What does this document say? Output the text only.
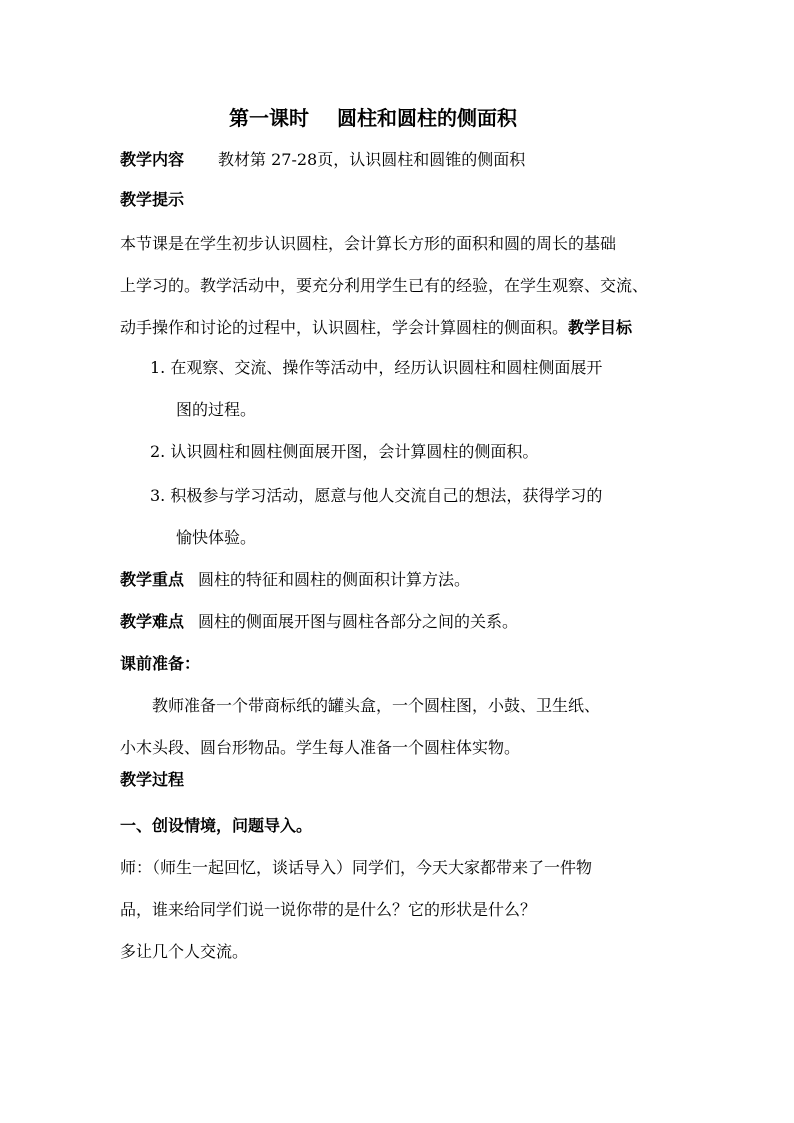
第一课时 圆柱和圆柱的侧面积
教学内容 教材第 27-28页，认识圆柱和圆锥的侧面积
教学提示
本节课是在学生初步认识圆柱，会计算长方形的面积和圆的周长的基础
上学习的。教学活动中，要充分利用学生已有的经验，在学生观察、交流、
动手操作和讨论的过程中，认识圆柱，学会计算圆柱的侧面积。教学目标
1. 在观察、交流、操作等活动中，经历认识圆柱和圆柱侧面展开
图的过程。
2. 认识圆柱和圆柱侧面展开图，会计算圆柱的侧面积。
3. 积极参与学习活动，愿意与他人交流自己的想法，获得学习的
愉快体验。
教学重点 圆柱的特征和圆柱的侧面积计算方法。
教学难点 圆柱的侧面展开图与圆柱各部分之间的关系。
课前准备：
教师准备一个带商标纸的罐头盒，一个圆柱图，小鼓、卫生纸、
小木头段、圆台形物品。学生每人准备一个圆柱体实物。
教学过程
一、创设情境，问题导入。
师：（师生一起回忆，谈话导入）同学们，今天大家都带来了一件物
品，谁来给同学们说一说你带的是什么？它的形状是什么？
多让几个人交流。
